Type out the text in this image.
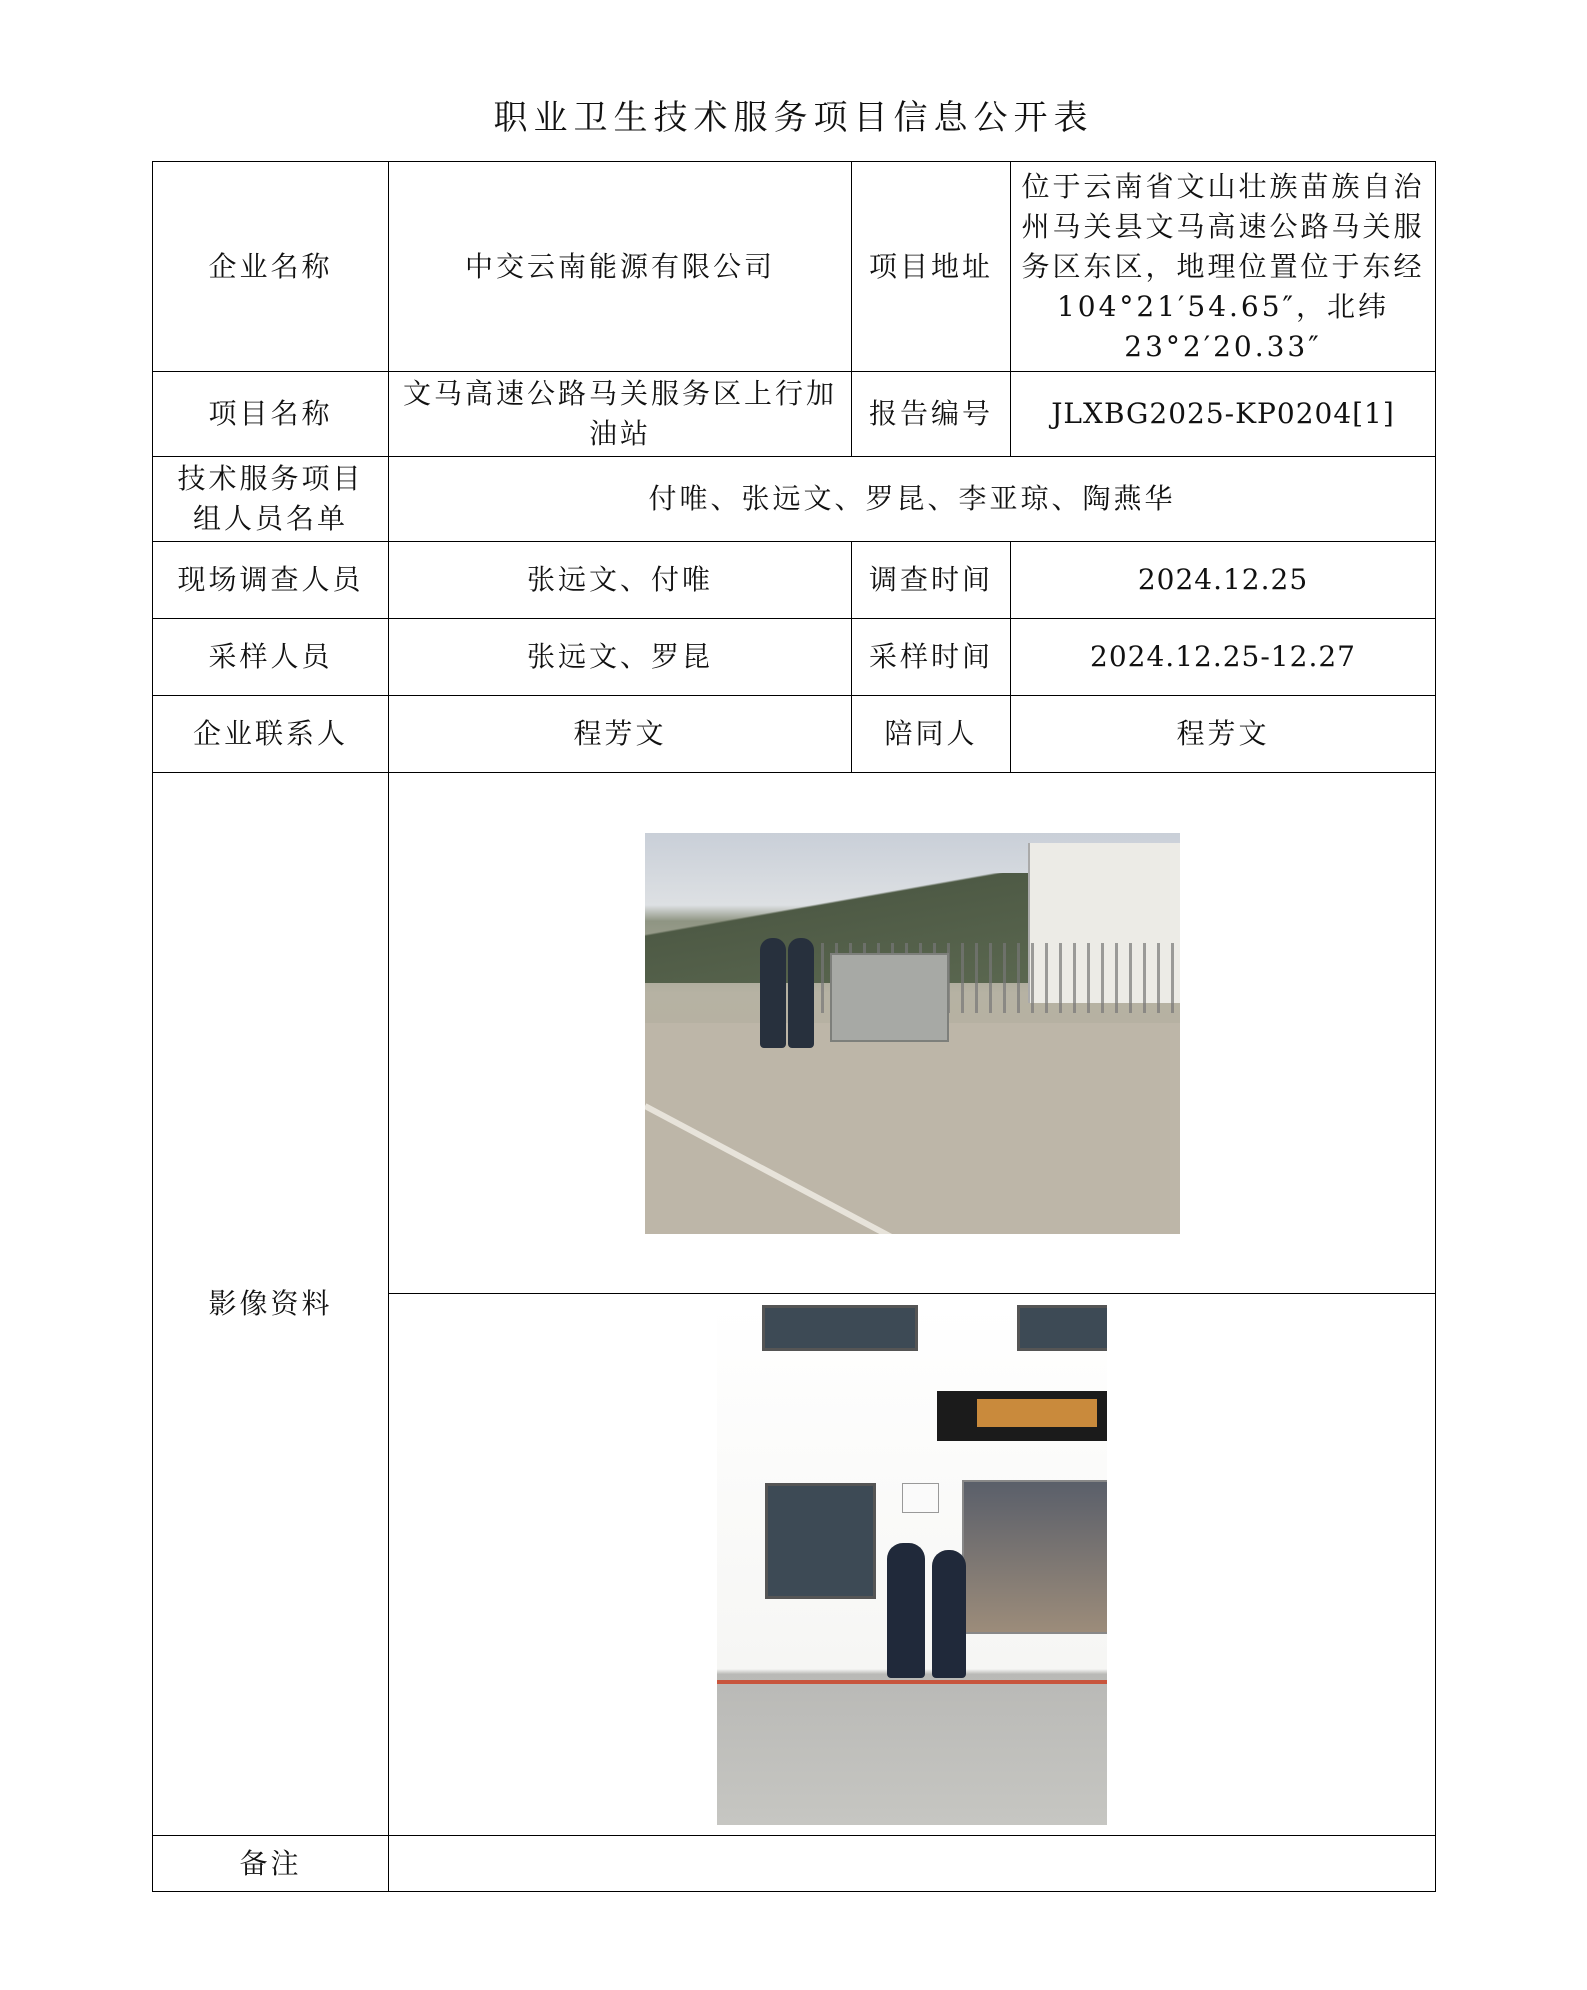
职业卫生技术服务项目信息公开表
企业名称	中交云南能源有限公司	项目地址	位于云南省文山壮族苗族自治州马关县文马高速公路马关服务区东区，地理位置位于东经104°21′54.65″，北纬23°2′20.33″
项目名称	文马高速公路马关服务区上行加油站	报告编号	JLXBG2025-KP0204[1]
技术服务项目组人员名单	付唯、张远文、罗昆、李亚琼、陶燕华		
现场调查人员	张远文、付唯	调查时间	2024.12.25
采样人员	张远文、罗昆	采样时间	2024.12.25-12.27
企业联系人	程芳文	陪同人	程芳文
影像资料			

备注			
